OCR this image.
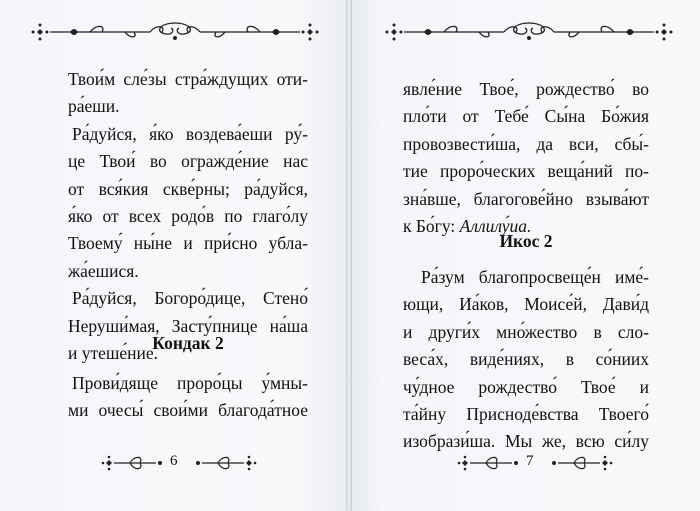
Твои́м сле́зы стра́ждущих оти-
ра́еши.
Ра́дуйся, я́ко воздева́еши ру́-
це Твои́ во огражде́ние нас
от вся́кия скве́рны; ра́дуйся,
я́ко от всех родо́в по глаго́лу
Твоему́ ны́не и при́сно убла-
жа́ешися.
Ра́дуйся, Богоро́дице, Стено́
Неруши́мая, Засту́пнице на́ша
и утеше́ние.
Кондак 2
Прови́дяще проро́цы у́мны-
ми очесы́ свои́ми благода́тное
6
явле́ние Твое́, рождество́ во
пло́ти от Тебе́ Сы́на Бо́жия
провозвести́ша, да вси, сбы́-
тие проро́ческих веща́ний по-
зна́вше, благогове́йно взыва́ют
к Бо́гу: Аллилу́иа.
Икос 2
Ра́зум благопросвеще́н име́-
ющи, Иа́ков, Моисе́й, Дави́д
и други́х мно́жество в сло-
веса́х, виде́ниях, в со́ниих
чу́дное рождество́ Твое́ и
та́йну Присноде́вства Твоего́
изобрази́ша. Мы же, всю си́лу
7
